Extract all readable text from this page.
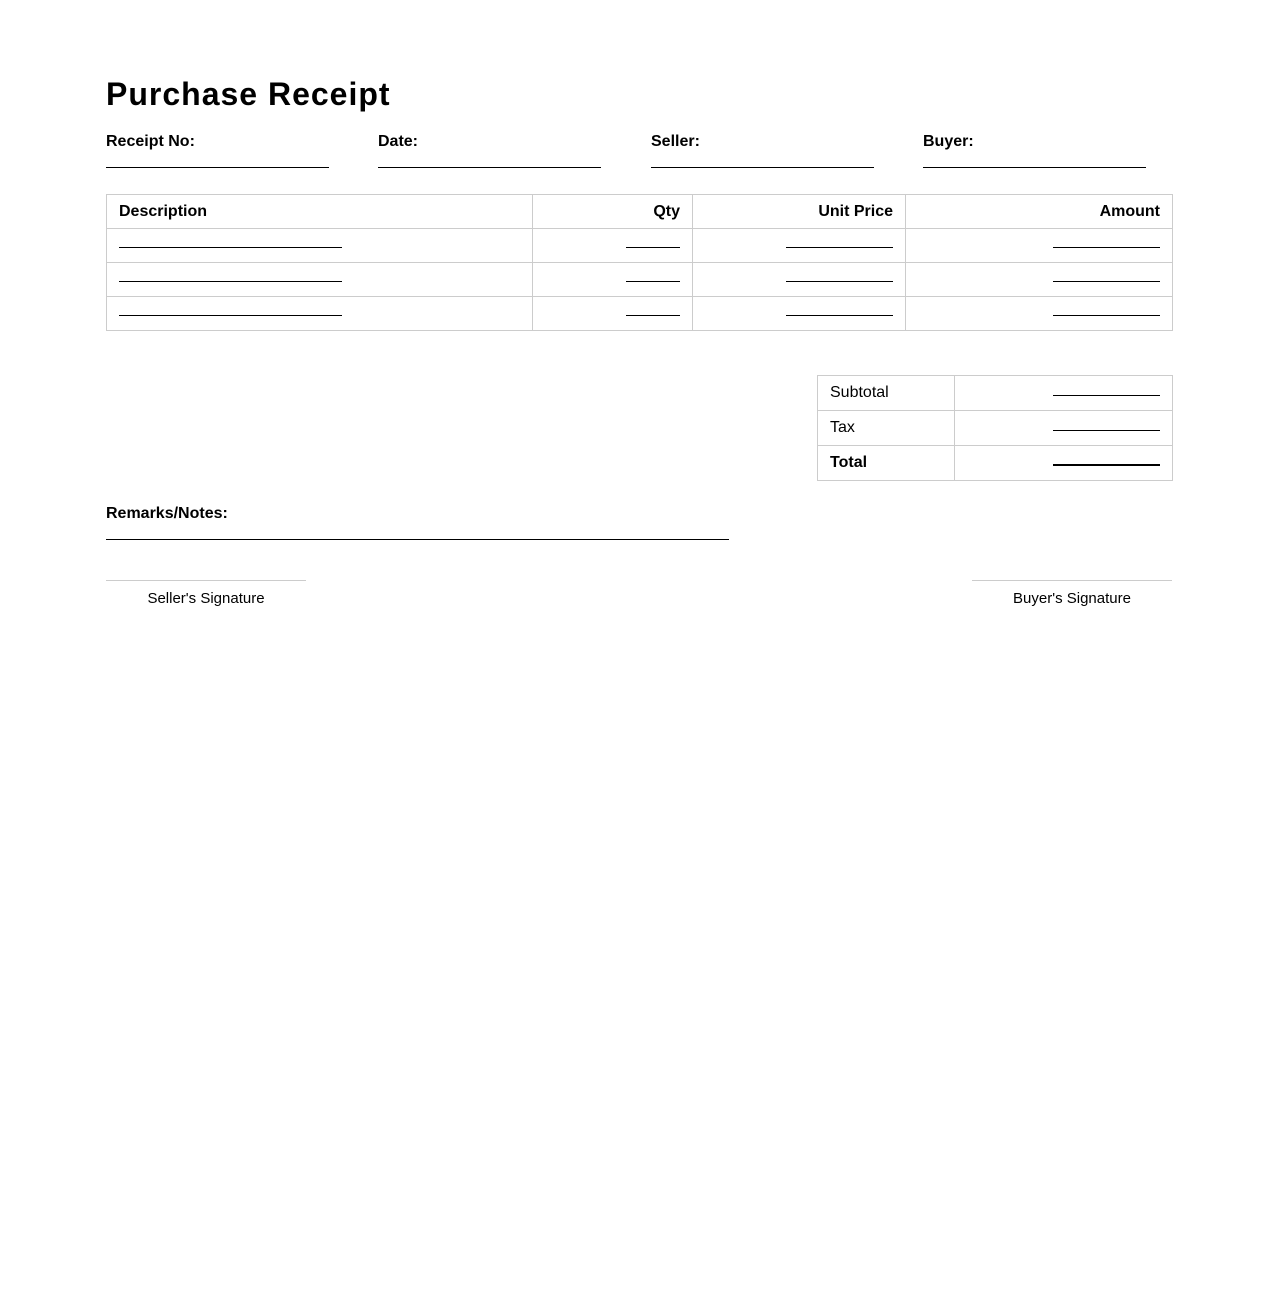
Purchase Receipt
Receipt No:	Date:	Seller:	Buyer:
Description	Qty	Unit Price	Amount

Subtotal	
Tax	
Total	
Remarks/Notes:
Seller's Signature	Buyer's Signature
